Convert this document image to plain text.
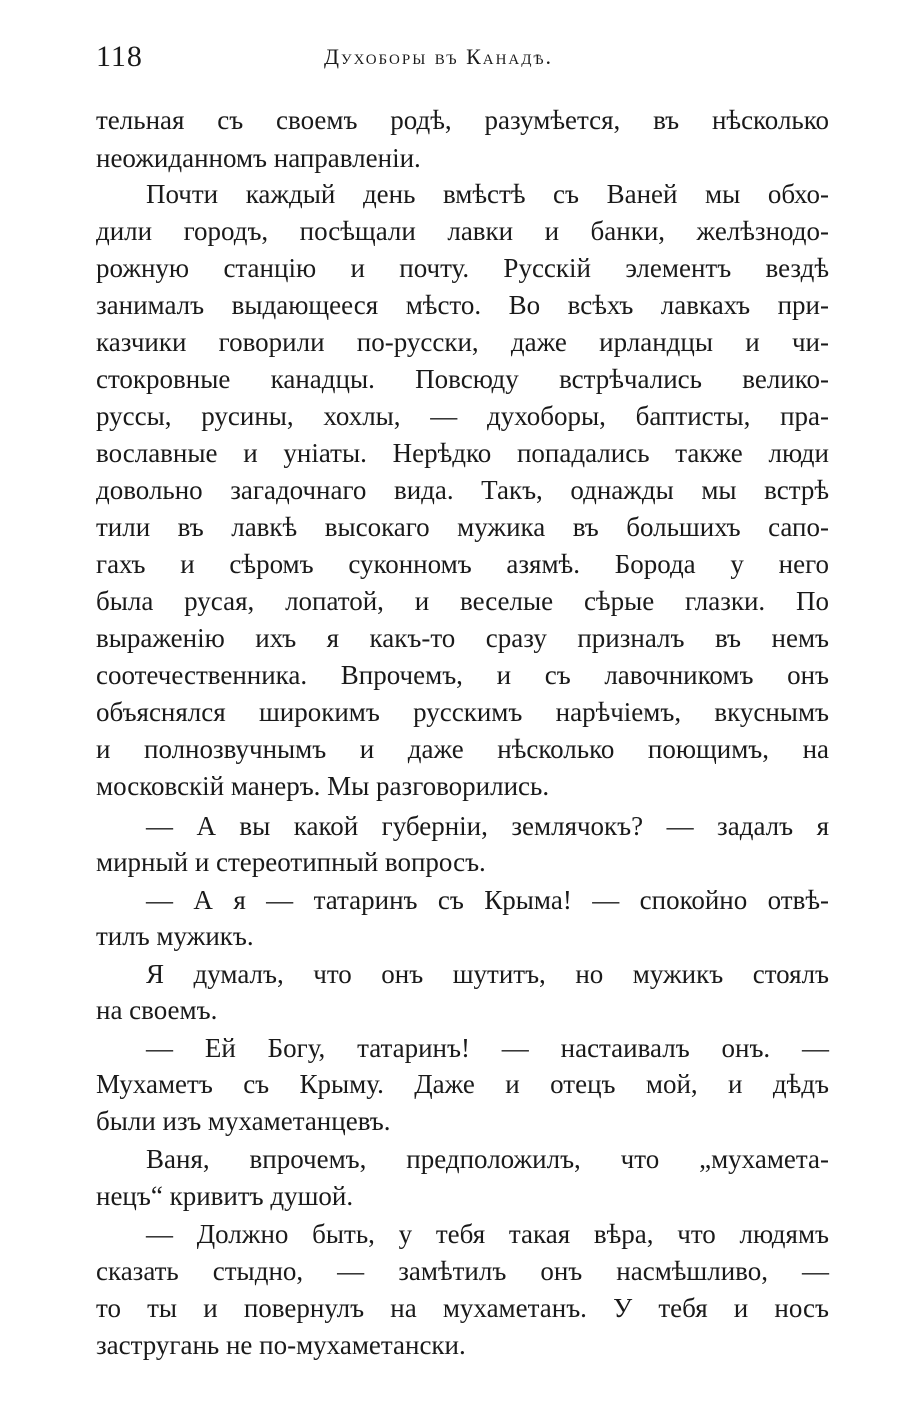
118	Духоборы въ Канадѣ.
тельная съ своемъ родѣ, разумѣется, въ нѣсколько
неожиданномъ направленіи.
Почти каждый день вмѣстѣ съ Ваней мы обхо-
дили городъ, посѣщали лавки и банки, желѣзнодо-
рожную станцію и почту. Русскій элементъ вездѣ
занималъ выдающееся мѣсто. Во всѣхъ лавкахъ при-
казчики говорили по-русски, даже ирландцы и чи-
стокровные канадцы. Повсюду встрѣчались велико-
руссы, русины, хохлы, — духоборы, баптисты, пра-
вославные и уніаты. Нерѣдко попадались также люди
довольно загадочнаго вида. Такъ, однажды мы встрѣ
тили въ лавкѣ высокаго мужика въ большихъ сапо-
гахъ и сѣромъ суконномъ азямѣ. Борода у него
была русая, лопатой, и веселые сѣрые глазки. По
выраженію ихъ я какъ-то сразу призналъ въ немъ
соотечественника. Впрочемъ, и съ лавочникомъ онъ
объяснялся широкимъ русскимъ нарѣчіемъ, вкуснымъ
и полнозвучнымъ и даже нѣсколько поющимъ, на
московскій манеръ. Мы разговорились.
— А вы какой губерніи, землячокъ? — задалъ я
мирный и стереотипный вопросъ.
— А я — татаринъ съ Крыма! — спокойно отвѣ-
тилъ мужикъ.
Я думалъ, что онъ шутитъ, но мужикъ стоялъ
на своемъ.
— Ей Богу, татаринъ! — настаивалъ онъ. —
Мухаметъ съ Крыму. Даже и отецъ мой, и дѣдъ
были изъ мухаметанцевъ.
Ваня, впрочемъ, предположилъ, что „мухамета-
нецъ“ кривитъ душой.
— Должно быть, у тебя такая вѣра, что людямъ
сказать стыдно, — замѣтилъ онъ насмѣшливо, —
то ты и повернулъ на мухаметанъ. У тебя и носъ
застругань не по-мухаметански.
